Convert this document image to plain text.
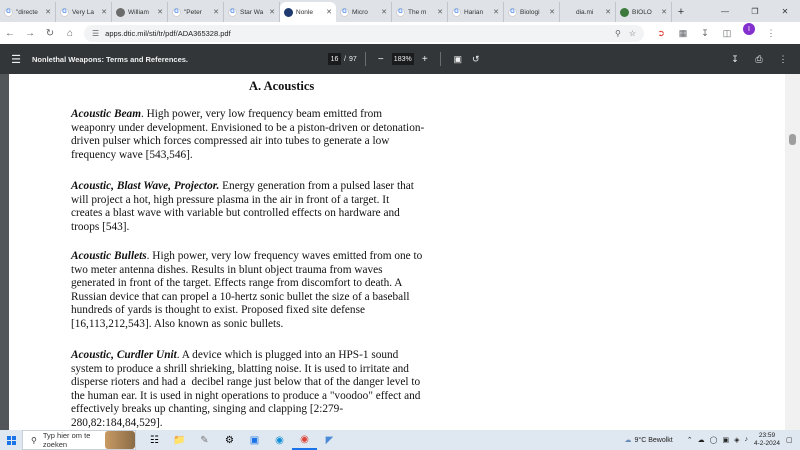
G "directe	✕	G Very La	✕	William	✕	G "Peter	✕	G Star Wa ✕	Nonle	✕	G Micro	✕	G The m	✕	G Harian	✕	G Biologi	✕	dia.mi	✕	BIOLO	✕ +	—	❐	✕
←	→	↻	⌂	☰ apps.dtic.mil/sti/tr/pdf/ADA365328.pdf	⚲ ☆	➲	▦	↧	◫	I	⋮
☰	Nonlethal Weapons: Terms and References.	16 / 97	−	183%	+	▣	↺	↧	⎙	⋮
A. Acoustics
Acoustic Beam. High power, very low frequency beam emitted from
weaponry under development. Envisioned to be a piston-driven or detonation-
driven pulser which forces compressed air into tubes to generate a low
frequency wave [543,546].
Acoustic, Blast Wave, Projector. Energy generation from a pulsed laser that
will project a hot, high pressure plasma in the air in front of a target. It
creates a blast wave with variable but controlled effects on hardware and
troops [543].
Acoustic Bullets. High power, very low frequency waves emitted from one to
two meter antenna dishes. Results in blunt object trauma from waves
generated in front of the target. Effects range from discomfort to death. A
Russian device that can propel a 10-hertz sonic bullet the size of a baseball
hundreds of yards is thought to exist. Proposed fixed site defense
[16,113,212,543]. Also known as sonic bullets.
Acoustic, Curdler Unit. A device which is plugged into an HPS-1 sound
system to produce a shrill shrieking, blatting noise. It is used to irritate and
disperse rioters and had a  decibel range just below that of the danger level to
the human ear. It is used in night operations to produce a "voodoo" effect and
effectively breaks up chanting, singing and clapping [2:279-
280,82:184,84,529].
⚲ Typ hier om te zoeken	☷	📁	✎	⚙	▣	◉	◉	◤	☁ 9°C Bewolkt ⌃ ☁ ◯ ▣ ◈ ♪
23:59
4-2-2024 ▢
